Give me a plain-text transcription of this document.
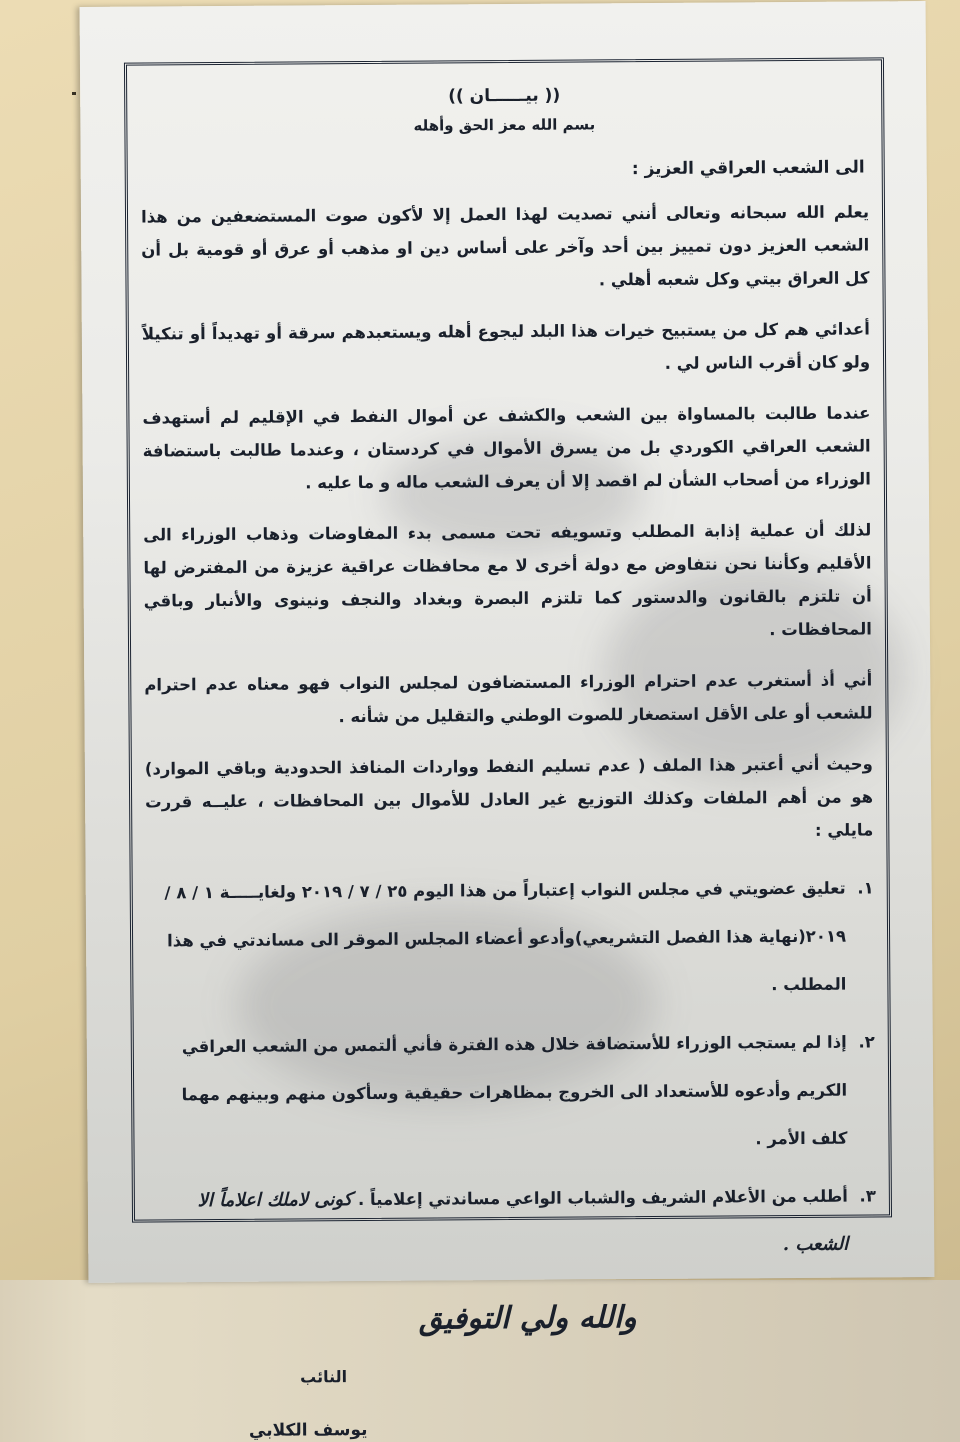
(( بيــــــان ))
بسم الله معز الحق وأهله
الى الشعب العراقي العزيز :

يعلم الله سبحانه وتعالى أنني تصديت لهذا العمل إلا لأكون صوت المستضعفين من هذا الشعب العزيز دون تمييز بين أحد وآخر على أساس دين او مذهب أو عرق أو قومية بل أن كل العراق بيتي وكل شعبه أهلي .

أعدائي هم كل من يستبيح خيرات هذا البلد ليجوع أهله ويستعبدهم سرقة أو تهديداً أو تنكيلاً ولو كان أقرب الناس لي .

عندما طالبت بالمساواة بين الشعب والكشف عن أموال النفط في الإقليم لم أستهدف الشعب العراقي الكوردي بل من يسرق الأموال في كردستان ، وعندما طالبت باستضافة الوزراء من أصحاب الشأن لم اقصد إلا أن يعرف الشعب ماله و ما عليه .

لذلك أن عملية إذابة المطلب وتسويفه تحت مسمى بدء المفاوضات وذهاب الوزراء الى الأقليم وكأننا نحن نتفاوض مع دولة أخرى لا مع محافظات عراقية عزيزة من المفترض لها أن تلتزم بالقانون والدستور كما تلتزم البصرة وبغداد والنجف ونينوى والأنبار وباقي المحافظات .

أني أذ أستغرب عدم احترام الوزراء المستضافون لمجلس النواب فهو معناه عدم احترام للشعب أو على الأقل استصغار للصوت الوطني والتقليل من شأنه .

وحيث أني أعتبر هذا الملف ( عدم تسليم النفط وواردات المنافذ الحدودية وباقي الموارد) هو من أهم الملفات وكذلك التوزيع غير العادل للأموال بين المحافظات ، عليــه قررت مايلي :

١.
تعليق عضويتي في مجلس النواب إعتباراً من هذا اليوم ٢٥ / ٧ / ٢٠١٩ ولغايـــــة ١ / ٨ / ٢٠١٩(نهاية هذا الفصل التشريعي)وأدعو أعضاء المجلس الموقر الى مساندتي في هذا المطلب .
٢.
إذا لم يستجب الوزراء للأستضافة خلال هذه الفترة فأني ألتمس من الشعب العراقي الكريم وأدعوه للأستعداد الى الخروج بمظاهرات حقيقية وسأكون منهم وبينهم مهما كلف الأمر .
٣.
أطلب من الأعلام الشريف والشباب الواعي مساندتي إعلامياً . كونى لاملك اعلاماً الا الشعب .
والله ولي التوفيق
النائب
يوسف الكلابي
